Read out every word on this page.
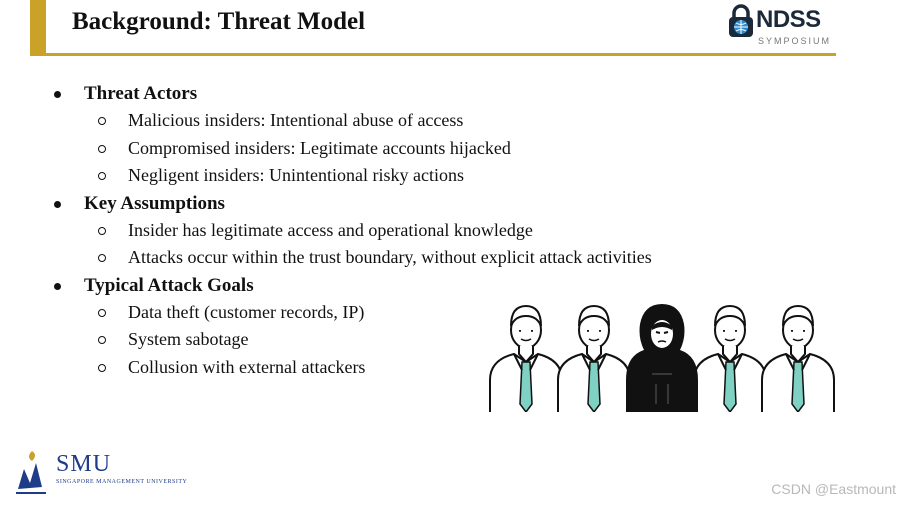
Background: Threat Model	NDSS
SYMPOSIUM
Threat Actors
Malicious insiders: Intentional abuse of access
Compromised insiders: Legitimate accounts hijacked
Negligent insiders: Unintentional risky actions
Key Assumptions
Insider has legitimate access and operational knowledge
Attacks occur within the trust boundary, without explicit attack activities
Typical Attack Goals
Data theft (customer records, IP)
System sabotage
Collusion with external attackers
SMU
SINGAPORE MANAGEMENT UNIVERSITY	CSDN @Eastmount
